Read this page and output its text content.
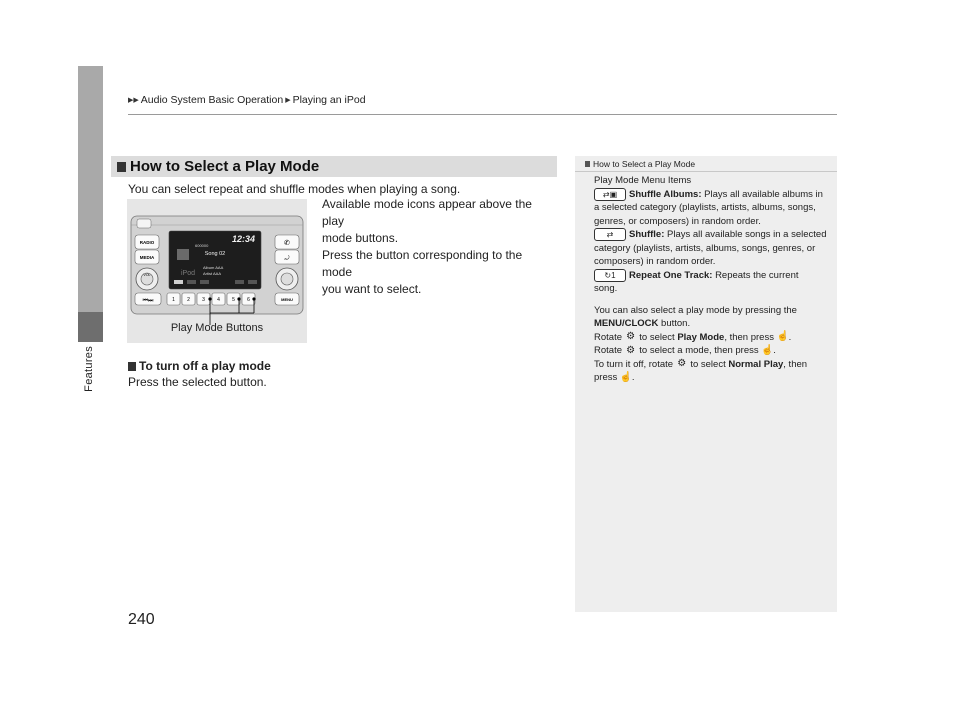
▶▶ Audio System Basic Operation ▶ Playing an iPod
Features
How to Select a Play Mode
You can select repeat and shuffle modes when playing a song.
Available mode icons appear above the play
mode buttons.
Press the button corresponding to the mode
you want to select.
RADIO
MEDIA
VOL
12:34
600000
Song 02
iPod
Album AAA
Artist AAA
✆
⤾
⏮⏭	1 2 3 4 5 6	MENU
Play Mode Buttons
To turn off a play mode
Press the selected button.
How to Select a Play Mode

Play Mode Menu Items

⇄▣ Shuffle Albums: Plays all available albums in

a selected category (playlists, artists, albums, songs,

genres, or composers) in random order.

⇄ Shuffle: Plays all available songs in a selected

category (playlists, artists, albums, songs, genres, or

composers) in random order.

↻1 Repeat One Track: Repeats the current

song.

You can also select a play mode by pressing the

MENU/CLOCK button.

Rotate ⚙ to select Play Mode, then press ☝.

Rotate ⚙ to select a mode, then press ☝.

To turn it off, rotate ⚙ to select Normal Play, then

press ☝.

240
